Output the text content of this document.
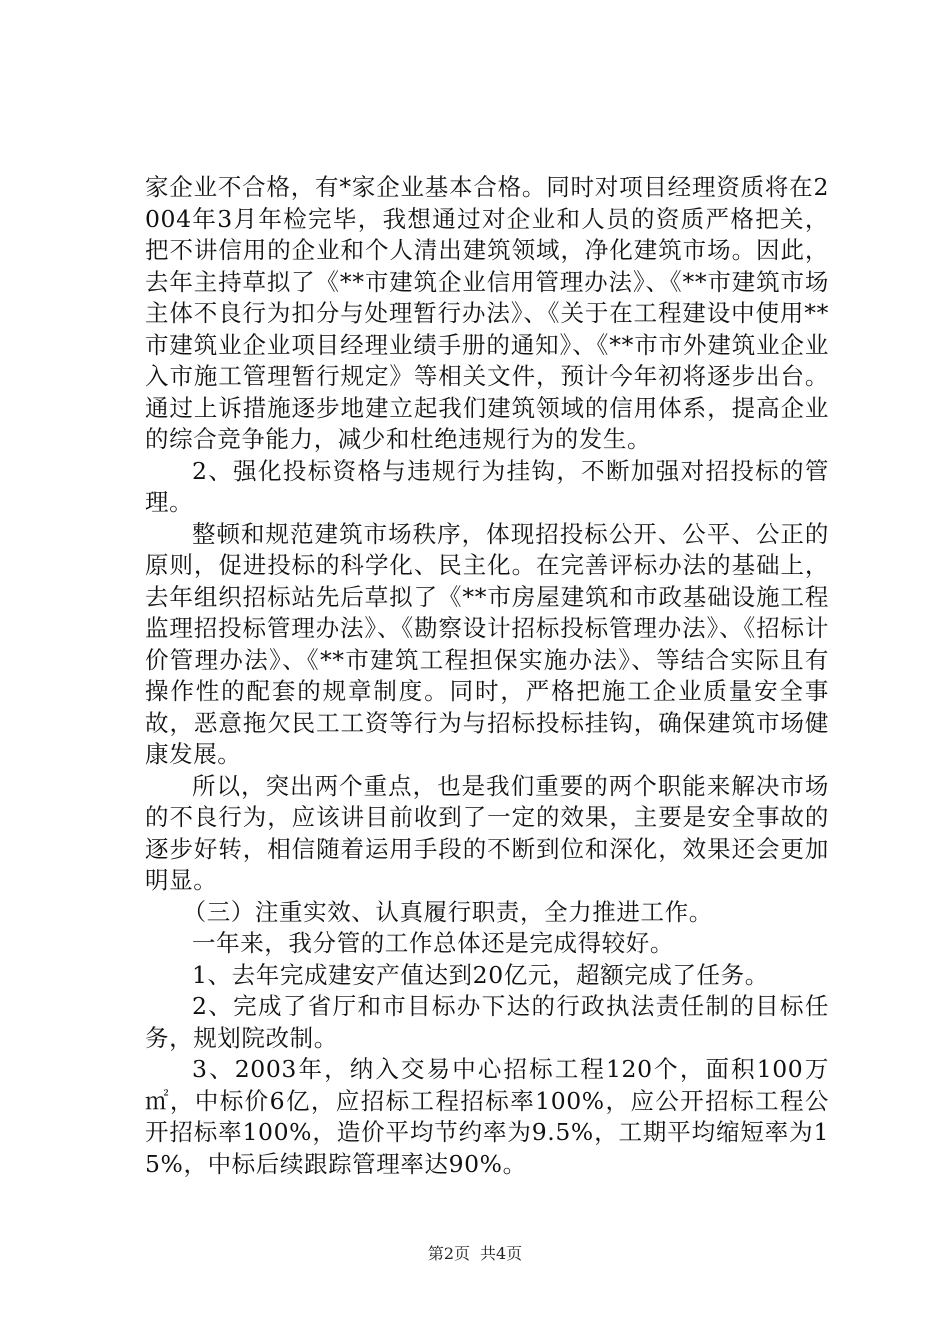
家企业不合格，有*家企业基本合格。同时对项目经理资质将在2004年3月年检完毕，我想通过对企业和人员的资质严格把关，把不讲信用的企业和个人清出建筑领域，净化建筑市场。因此，去年主持草拟了《**市建筑企业信用管理办法》、《**市建筑市场主体不良行为扣分与处理暂行办法》、《关于在工程建设中使用**市建筑业企业项目经理业绩手册的通知》、《**市市外建筑业企业入市施工管理暂行规定》等相关文件，预计今年初将逐步出台。通过上诉措施逐步地建立起我们建筑领域的信用体系，提高企业的综合竞争能力，减少和杜绝违规行为的发生。

2、强化投标资格与违规行为挂钩，不断加强对招投标的管理。

整顿和规范建筑市场秩序，体现招投标公开、公平、公正的原则，促进投标的科学化、民主化。在完善评标办法的基础上，去年组织招标站先后草拟了《**市房屋建筑和市政基础设施工程监理招投标管理办法》、《勘察设计招标投标管理办法》、《招标计价管理办法》、《**市建筑工程担保实施办法》、等结合实际且有操作性的配套的规章制度。同时，严格把施工企业质量安全事故，恶意拖欠民工工资等行为与招标投标挂钩，确保建筑市场健康发展。

所以，突出两个重点，也是我们重要的两个职能来解决市场的不良行为，应该讲目前收到了一定的效果，主要是安全事故的逐步好转，相信随着运用手段的不断到位和深化，效果还会更加明显。

（三）注重实效、认真履行职责，全力推进工作。

一年来，我分管的工作总体还是完成得较好。

1、去年完成建安产值达到20亿元，超额完成了任务。

2、完成了省厅和市目标办下达的行政执法责任制的目标任务，规划院改制。

3、2003年，纳入交易中心招标工程120个，面积100万㎡，中标价6亿，应招标工程招标率100%，应公开招标工程公开招标率100%，造价平均节约率为9.5%，工期平均缩短率为15%，中标后续跟踪管理率达90%。

第2页 共4页
